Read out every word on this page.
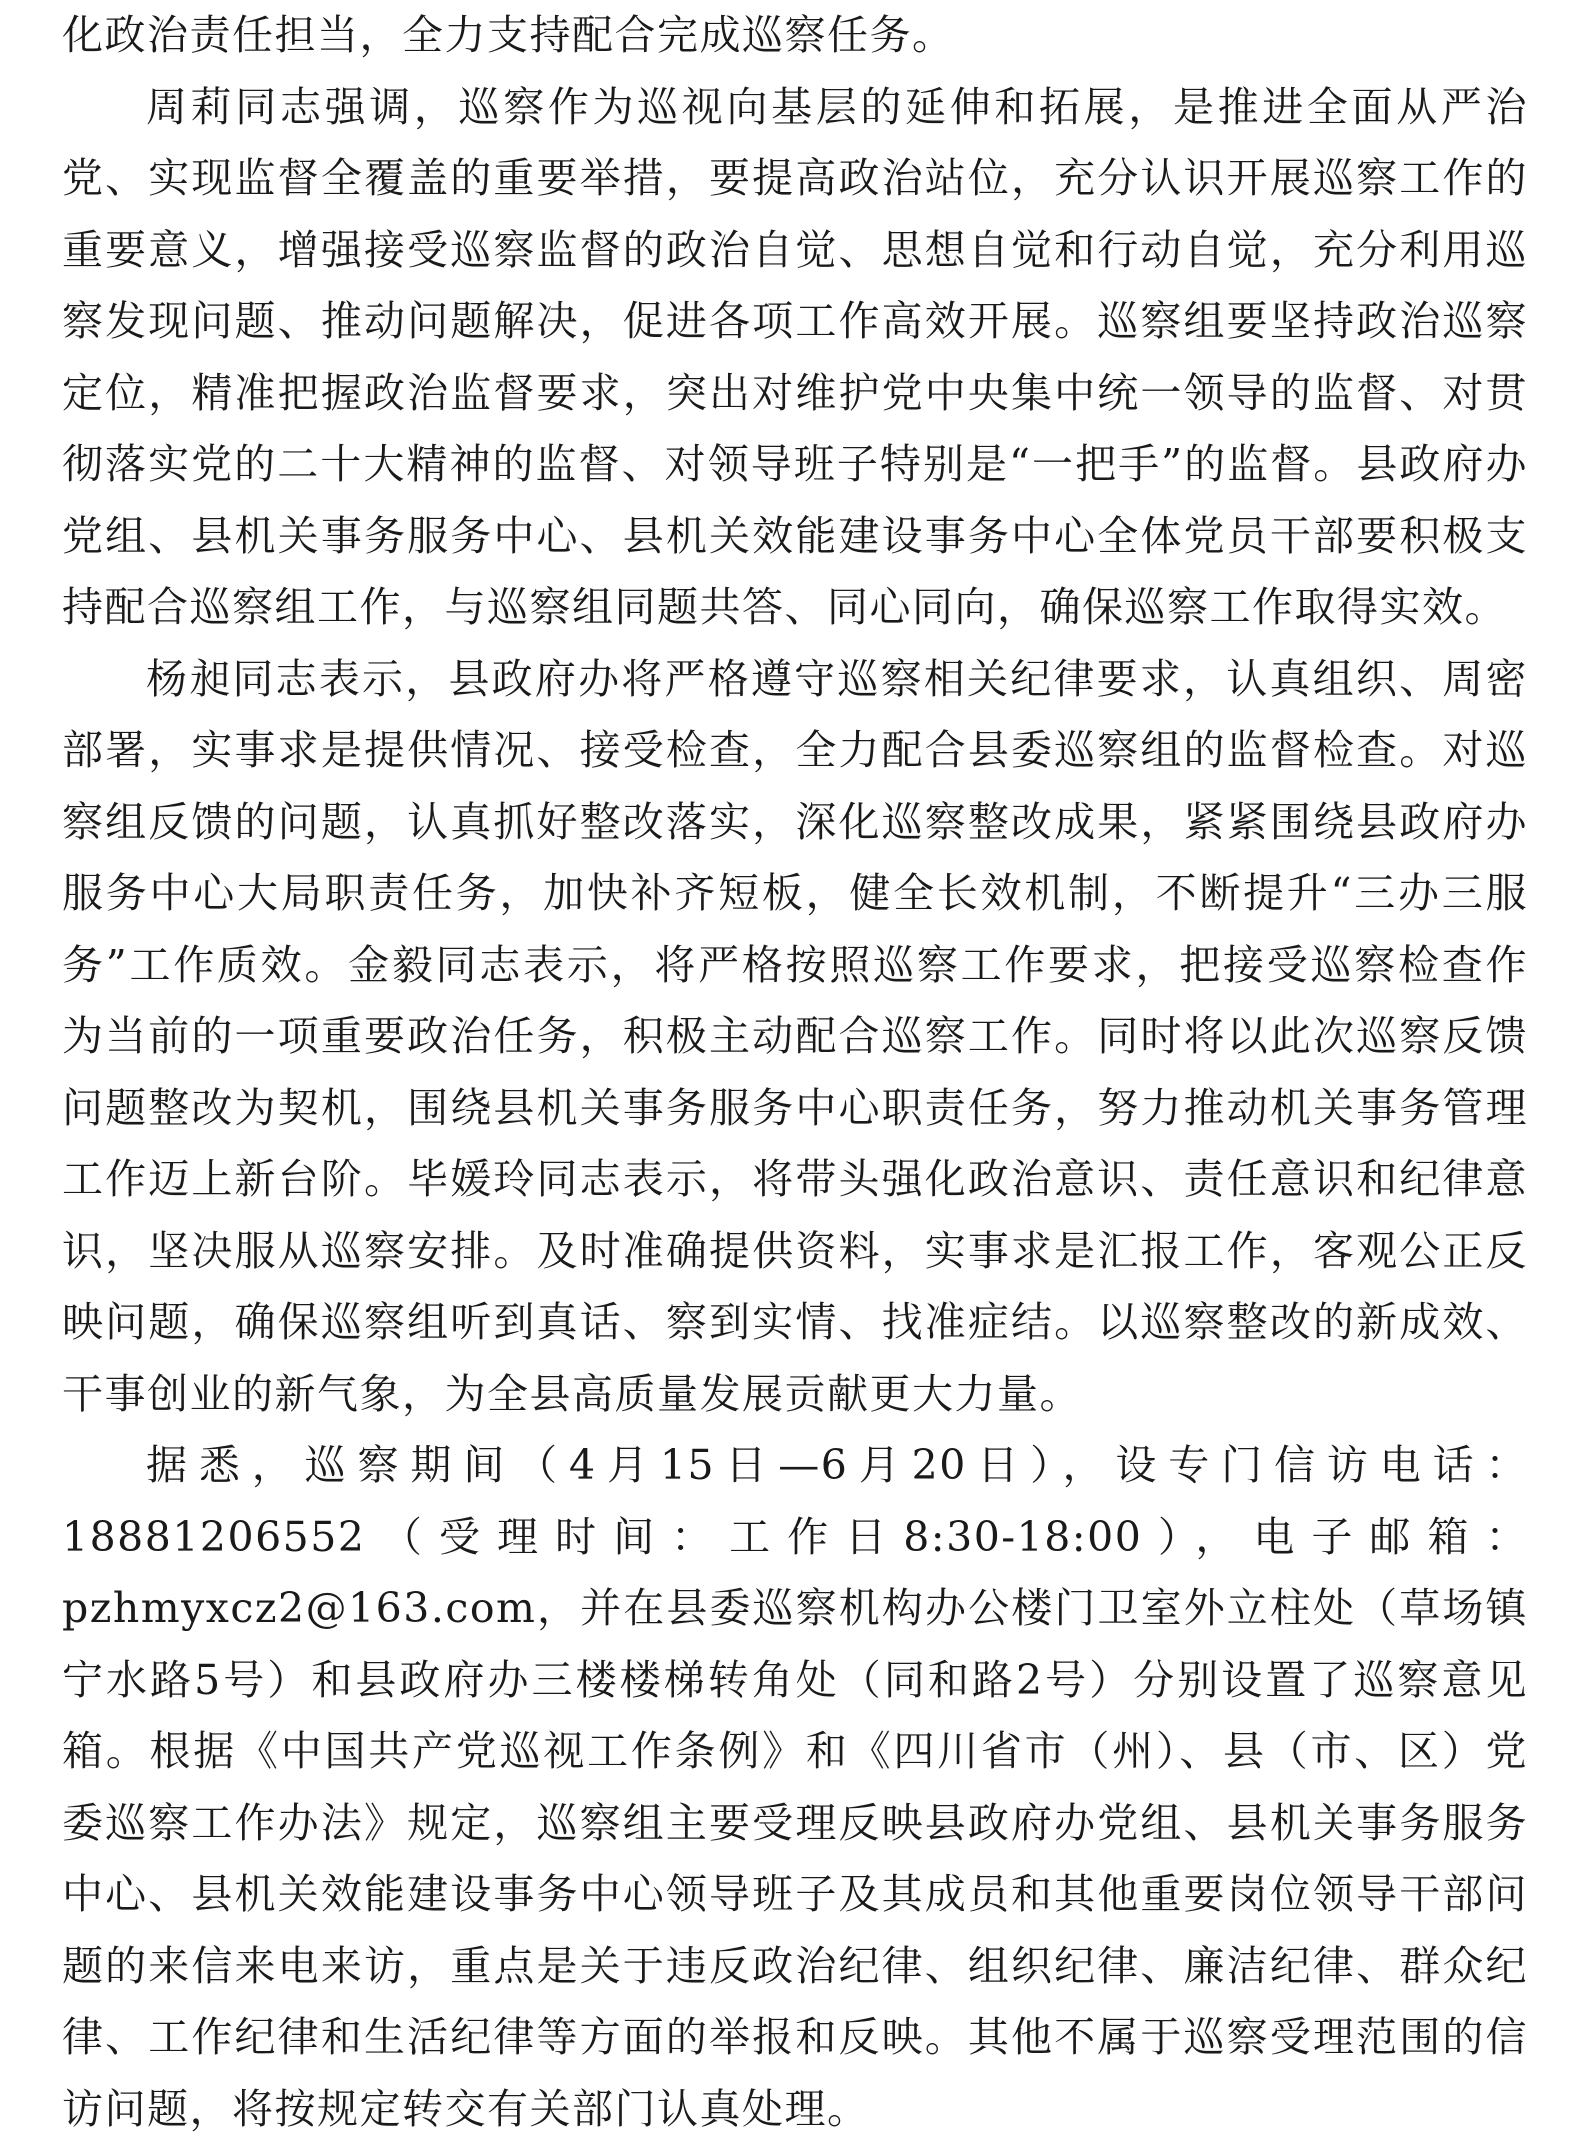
化政治责任担当，全力支持配合完成巡察任务。

周莉同志强调，巡察作为巡视向基层的延伸和拓展，是推进全面从严治党、实现监督全覆盖的重要举措，要提高政治站位，充分认识开展巡察工作的重要意义，增强接受巡察监督的政治自觉、思想自觉和行动自觉，充分利用巡察发现问题、推动问题解决，促进各项工作高效开展。巡察组要坚持政治巡察定位，精准把握政治监督要求，突出对维护党中央集中统一领导的监督、对贯彻落实党的二十大精神的监督、对领导班子特别是“一把手”的监督。县政府办党组、县机关事务服务中心、县机关效能建设事务中心全体党员干部要积极支持配合巡察组工作，与巡察组同题共答、同心同向，确保巡察工作取得实效。

杨昶同志表示，县政府办将严格遵守巡察相关纪律要求，认真组织、周密部署，实事求是提供情况、接受检查，全力配合县委巡察组的监督检查。对巡察组反馈的问题，认真抓好整改落实，深化巡察整改成果，紧紧围绕县政府办服务中心大局职责任务，加快补齐短板，健全长效机制，不断提升“三办三服务”工作质效。金毅同志表示，将严格按照巡察工作要求，把接受巡察检查作为当前的一项重要政治任务，积极主动配合巡察工作。同时将以此次巡察反馈问题整改为契机，围绕县机关事务服务中心职责任务，努力推动机关事务管理工作迈上新台阶。毕媛玲同志表示，将带头强化政治意识、责任意识和纪律意识，坚决服从巡察安排。及时准确提供资料，实事求是汇报工作，客观公正反映问题，确保巡察组听到真话、察到实情、找准症结。以巡察整改的新成效、干事创业的新气象，为全县高质量发展贡献更大力量。

据悉，巡察期间（4月15日—6月20日），设专门信访电话：18881206552（受理时间：工作日8:30-18:00），电子邮箱：pzhmyxcz2@163.com，并在县委巡察机构办公楼门卫室外立柱处（草场镇宁水路5号）和县政府办三楼楼梯转角处（同和路2号）分别设置了巡察意见箱。根据《中国共产党巡视工作条例》和《四川省市（州）、县（市、区）党委巡察工作办法》规定，巡察组主要受理反映县政府办党组、县机关事务服务中心、县机关效能建设事务中心领导班子及其成员和其他重要岗位领导干部问题的来信来电来访，重点是关于违反政治纪律、组织纪律、廉洁纪律、群众纪律、工作纪律和生活纪律等方面的举报和反映。其他不属于巡察受理范围的信访问题，将按规定转交有关部门认真处理。
